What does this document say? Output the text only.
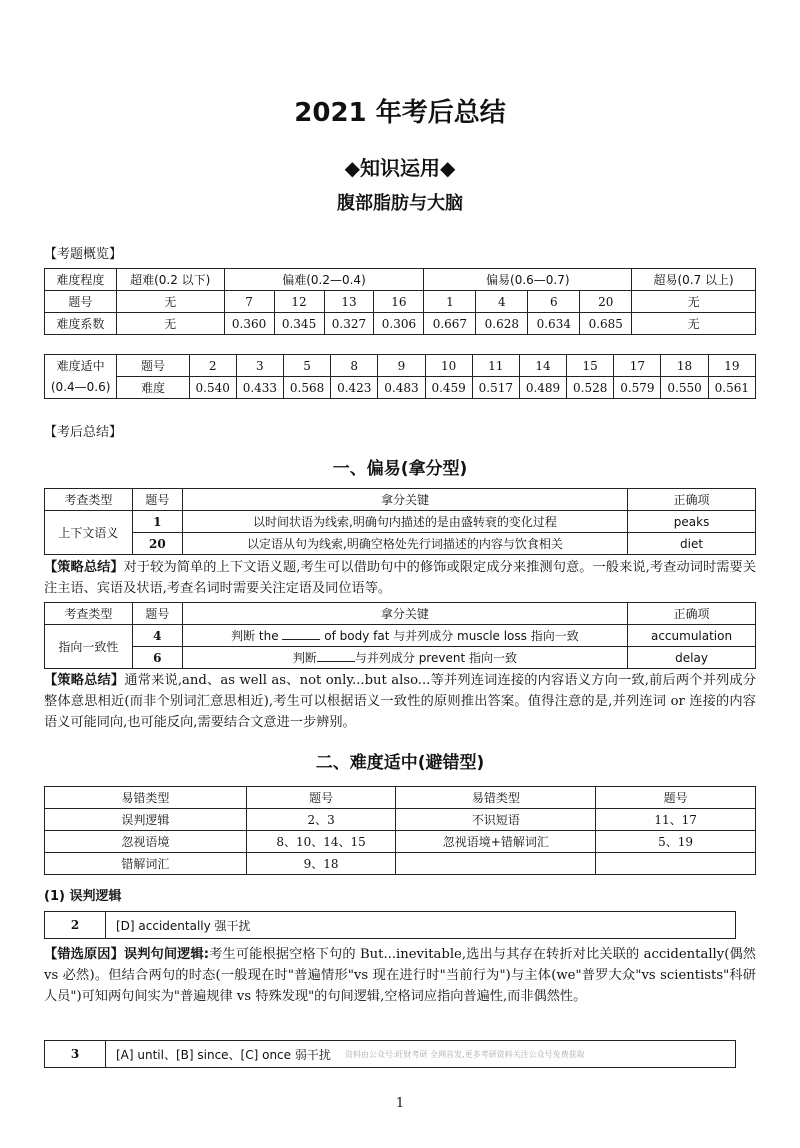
2021 年考后总结
◆知识运用◆
腹部脂肪与大脑
【考题概览】
难度程度	超难(0.2 以下)	偏难(0.2—0.4)				偏易(0.6—0.7)				超易(0.7 以上)
题号	无	7	12	13	16	1	4	6	20	无
难度系数	无	0.360	0.345	0.327	0.306	0.667	0.628	0.634	0.685	无
难度适中
(0.4—0.6)	题号	2	3	5	8	9	10	11	14	15	17	18	19
	难度	0.540	0.433	0.568	0.423	0.483	0.459	0.517	0.489	0.528	0.579	0.550	0.561
【考后总结】
一、偏易(拿分型)
考查类型	题号	拿分关键	正确项
上下文语义	1	以时间状语为线索,明确句内描述的是由盛转衰的变化过程	peaks
	20	以定语从句为线索,明确空格处先行词描述的内容与饮食相关	diet
【策略总结】对于较为简单的上下文语义题,考生可以借助句中的修饰或限定成分来推测句意。一般来说,考查动词时需要关注主语、宾语及状语,考查名词时需要关注定语及同位语等。
考查类型	题号	拿分关键	正确项
指向一致性	4	判断 the of body fat 与并列成分 muscle loss 指向一致	accumulation
	6	判断 与并列成分 prevent 指向一致	delay
【策略总结】通常来说,and、as well as、not only...but also...等并列连词连接的内容语义方向一致,前后两个并列成分整体意思相近(而非个别词汇意思相近),考生可以根据语义一致性的原则推出答案。值得注意的是,并列连词 or 连接的内容语义可能同向,也可能反向,需要结合文意进一步辨别。
二、难度适中(避错型)
易错类型	题号	易错类型	题号
误判逻辑	2、3	不识短语	11、17
忽视语境	8、10、14、15	忽视语境+错解词汇	5、19
错解词汇	9、18		
(1) 误判逻辑
2	[D] accidentally 强干扰
【错选原因】误判句间逻辑:考生可能根据空格下句的 But...inevitable,选出与其存在转折对比关联的 accidentally(偶然 vs 必然)。但结合两句的时态(一般现在时"普遍情形"vs 现在进行时"当前行为")与主体(we"普罗大众"vs scientists"科研人员")可知两句间实为"普遍规律 vs 特殊发现"的句间逻辑,空格词应指向普遍性,而非偶然性。
3	[A] until、[B] since、[C] once 弱干扰 资料由公众号:旺财考研 全网首发,更多考研资料关注公众号免费获取
1
